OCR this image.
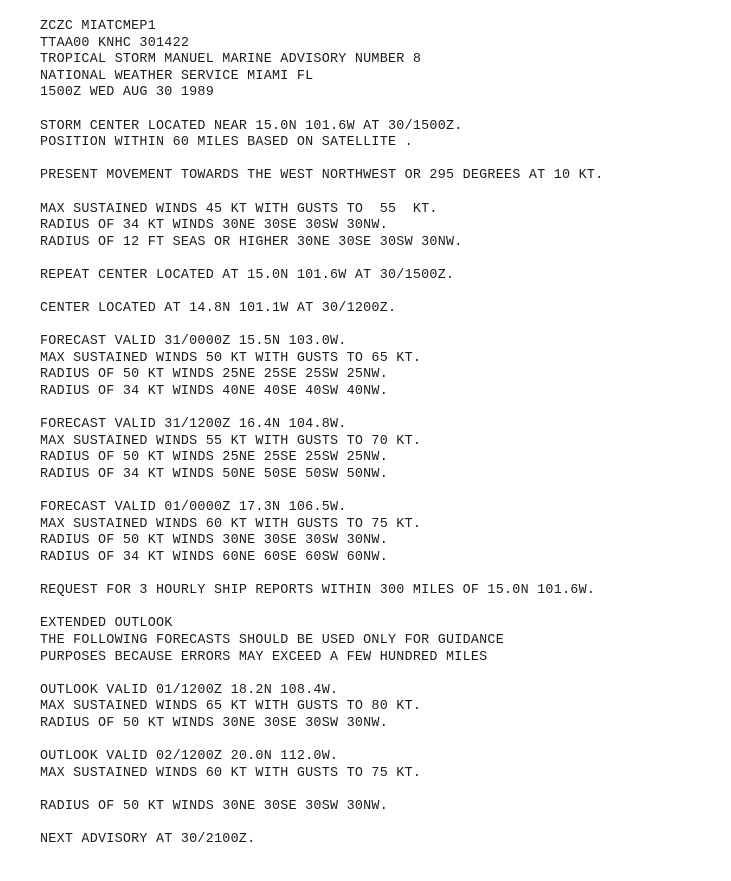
ZCZC MIATCMEP1
TTAA00 KNHC 301422
TROPICAL STORM MANUEL MARINE ADVISORY NUMBER 8
NATIONAL WEATHER SERVICE MIAMI FL
1500Z WED AUG 30 1989
STORM CENTER LOCATED NEAR 15.0N 101.6W AT 30/1500Z.
POSITION WITHIN 60 MILES BASED ON SATELLITE .
PRESENT MOVEMENT TOWARDS THE WEST NORTHWEST OR 295 DEGREES AT 10 KT.
MAX SUSTAINED WINDS 45 KT WITH GUSTS TO  55  KT.
RADIUS OF 34 KT WINDS 30NE 30SE 30SW 30NW.
RADIUS OF 12 FT SEAS OR HIGHER 30NE 30SE 30SW 30NW.
REPEAT CENTER LOCATED AT 15.0N 101.6W AT 30/1500Z.
CENTER LOCATED AT 14.8N 101.1W AT 30/1200Z.
FORECAST VALID 31/0000Z 15.5N 103.0W.
MAX SUSTAINED WINDS 50 KT WITH GUSTS TO 65 KT.
RADIUS OF 50 KT WINDS 25NE 25SE 25SW 25NW.
RADIUS OF 34 KT WINDS 40NE 40SE 40SW 40NW.
FORECAST VALID 31/1200Z 16.4N 104.8W.
MAX SUSTAINED WINDS 55 KT WITH GUSTS TO 70 KT.
RADIUS OF 50 KT WINDS 25NE 25SE 25SW 25NW.
RADIUS OF 34 KT WINDS 50NE 50SE 50SW 50NW.
FORECAST VALID 01/0000Z 17.3N 106.5W.
MAX SUSTAINED WINDS 60 KT WITH GUSTS TO 75 KT.
RADIUS OF 50 KT WINDS 30NE 30SE 30SW 30NW.
RADIUS OF 34 KT WINDS 60NE 60SE 60SW 60NW.
REQUEST FOR 3 HOURLY SHIP REPORTS WITHIN 300 MILES OF 15.0N 101.6W.
EXTENDED OUTLOOK
THE FOLLOWING FORECASTS SHOULD BE USED ONLY FOR GUIDANCE
PURPOSES BECAUSE ERRORS MAY EXCEED A FEW HUNDRED MILES
OUTLOOK VALID 01/1200Z 18.2N 108.4W.
MAX SUSTAINED WINDS 65 KT WITH GUSTS TO 80 KT.
RADIUS OF 50 KT WINDS 30NE 30SE 30SW 30NW.
OUTLOOK VALID 02/1200Z 20.0N 112.0W.
MAX SUSTAINED WINDS 60 KT WITH GUSTS TO 75 KT.
RADIUS OF 50 KT WINDS 30NE 30SE 30SW 30NW.
NEXT ADVISORY AT 30/2100Z.
